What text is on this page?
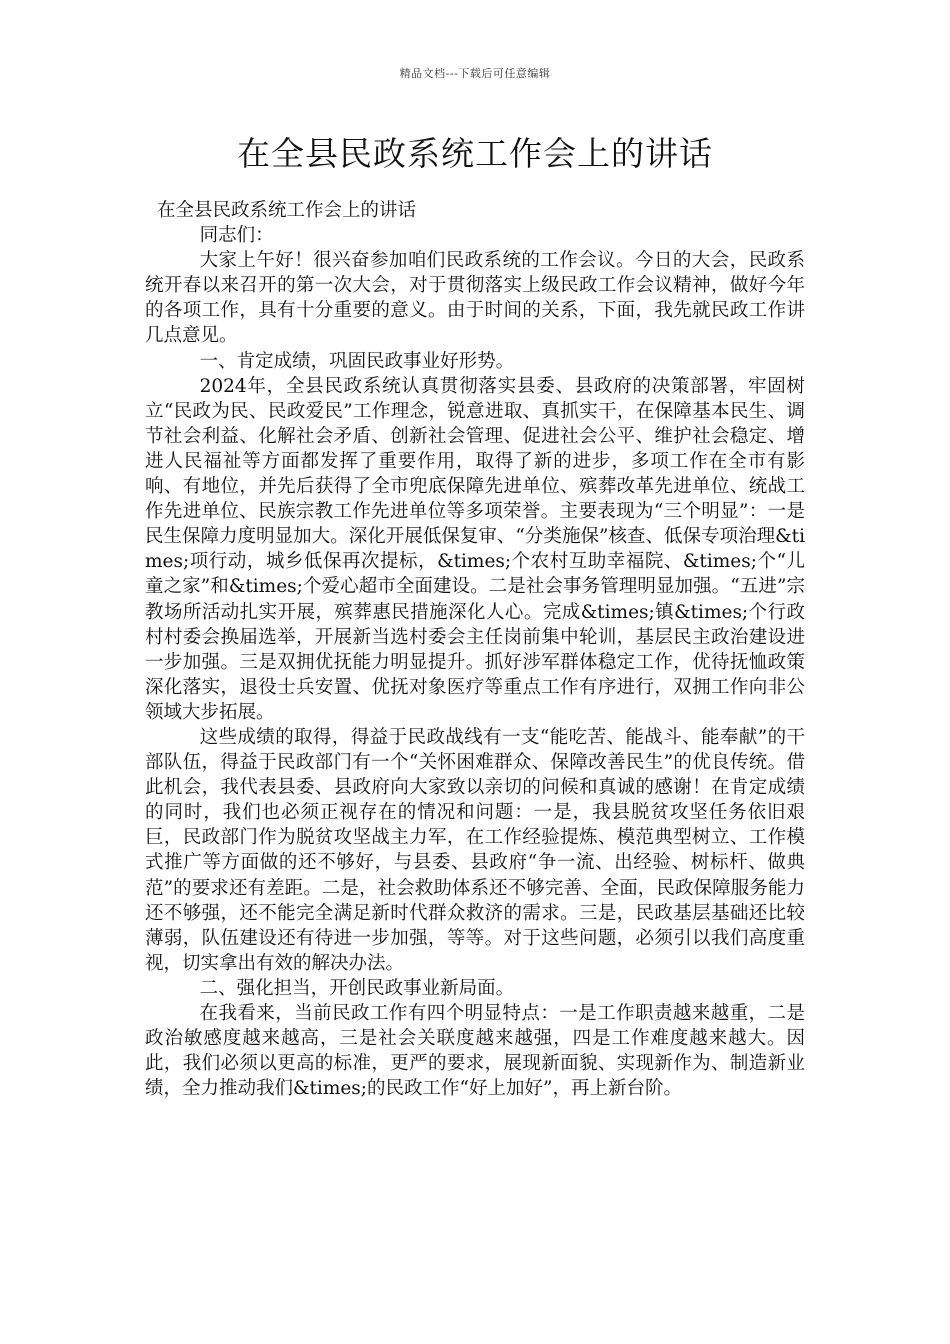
精品文档---下载后可任意编辑
在全县民政系统工作会上的讲话

在全县民政系统工作会上的讲话

同志们：

大家上午好！很兴奋参加咱们民政系统的工作会议。今日的大会，民政系统开春以来召开的第一次大会，对于贯彻落实上级民政工作会议精神，做好今年的各项工作，具有十分重要的意义。由于时间的关系，下面，我先就民政工作讲几点意见。

一、肯定成绩，巩固民政事业好形势。

2024年，全县民政系统认真贯彻落实县委、县政府的决策部署，牢固树立“民政为民、民政爱民”工作理念，锐意进取、真抓实干，在保障基本民生、调节社会利益、化解社会矛盾、创新社会管理、促进社会公平、维护社会稳定、增进人民福祉等方面都发挥了重要作用，取得了新的进步，多项工作在全市有影响、有地位，并先后获得了全市兜底保障先进单位、殡葬改革先进单位、统战工作先进单位、民族宗教工作先进单位等多项荣誉。主要表现为“三个明显”：一是民生保障力度明显加大。深化开展低保复审、“分类施保”核查、低保专项治理&times;项行动，城乡低保再次提标，&times;个农村互助幸福院、&times;个“儿童之家”和&times;个爱心超市全面建设。二是社会事务管理明显加强。“五进”宗教场所活动扎实开展，殡葬惠民措施深化人心。完成&times;镇&times;个行政村村委会换届选举，开展新当选村委会主任岗前集中轮训，基层民主政治建设进一步加强。三是双拥优抚能力明显提升。抓好涉军群体稳定工作，优待抚恤政策深化落实，退役士兵安置、优抚对象医疗等重点工作有序进行，双拥工作向非公领域大步拓展。

这些成绩的取得，得益于民政战线有一支“能吃苦、能战斗、能奉献”的干部队伍，得益于民政部门有一个“关怀困难群众、保障改善民生”的优良传统。借此机会，我代表县委、县政府向大家致以亲切的问候和真诚的感谢！在肯定成绩的同时，我们也必须正视存在的情况和问题：一是，我县脱贫攻坚任务依旧艰巨，民政部门作为脱贫攻坚战主力军，在工作经验提炼、模范典型树立、工作模式推广等方面做的还不够好，与县委、县政府“争一流、出经验、树标杆、做典范”的要求还有差距。二是，社会救助体系还不够完善、全面，民政保障服务能力还不够强，还不能完全满足新时代群众救济的需求。三是，民政基层基础还比较薄弱，队伍建设还有待进一步加强，等等。对于这些问题，必须引以我们高度重视，切实拿出有效的解决办法。

二、强化担当，开创民政事业新局面。

在我看来，当前民政工作有四个明显特点：一是工作职责越来越重，二是政治敏感度越来越高，三是社会关联度越来越强，四是工作难度越来越大。因此，我们必须以更高的标准，更严的要求，展现新面貌、实现新作为、制造新业绩，全力推动我们&times;的民政工作“好上加好”，再上新台阶。
